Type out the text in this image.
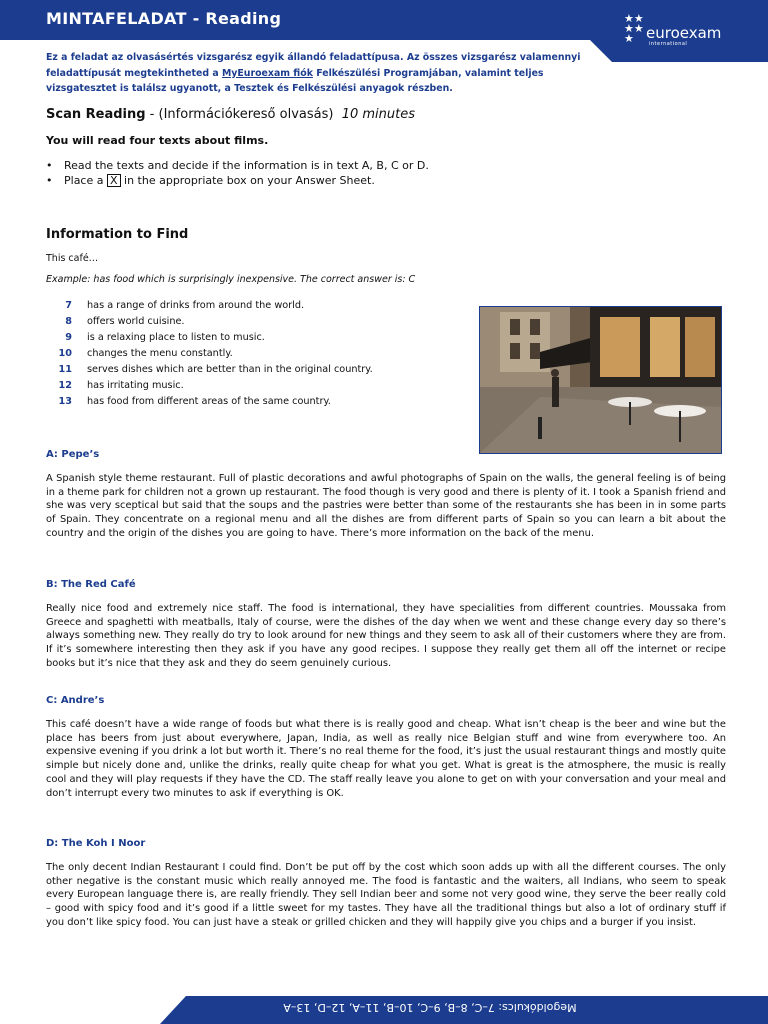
MINTAFELADAT - Reading	★★
★★
★ euroexam
international
Ez a feladat az olvasásértés vizsgarész egyik állandó feladattípusa. Az összes vizsgarész valamennyi feladattípusát megtekintheted a MyEuroexam fiók Felkészülési Programjában, valamint teljes vizsgatesztet is találsz ugyanott, a Tesztek és Felkészülési anyagok részben.
Scan Reading - (Információkereső olvasás) 10 minutes
You will read four texts about films.
• Read the texts and decide if the information is in text A, B, C or D.
• Place a X in the appropriate box on your Answer Sheet.
Information to Find
This café…
Example: has food which is surprisingly inexpensive. The correct answer is: C
7 has a range of drinks from around the world.
8 offers world cuisine.
9 is a relaxing place to listen to music.
10 changes the menu constantly.
11 serves dishes which are better than in the original country.
12 has irritating music.
13 has food from different areas of the same country.
A: Pepe’s
A Spanish style theme restaurant. Full of plastic decorations and awful photographs of Spain on the walls, the general feeling is of being in a theme park for children not a grown up restaurant. The food though is very good and there is plenty of it. I took a Spanish friend and she was very sceptical but said that the soups and the pastries were better than some of the restaurants she has been in in some parts of Spain. They concentrate on a regional menu and all the dishes are from different parts of Spain so you can learn a bit about the country and the origin of the dishes you are going to have. There’s more information on the back of the menu.
B: The Red Café
Really nice food and extremely nice staff. The food is international, they have specialities from different countries. Moussaka from Greece and spaghetti with meatballs, Italy of course, were the dishes of the day when we went and these change every day so there’s always something new. They really do try to look around for new things and they seem to ask all of their customers where they are from. If it’s somewhere interesting then they ask if you have any good recipes. I suppose they really get them all off the internet or recipe books but it’s nice that they ask and they do seem genuinely curious.
C: Andre’s
This café doesn’t have a wide range of foods but what there is is really good and cheap. What isn’t cheap is the beer and wine but the place has beers from just about everywhere, Japan, India, as well as really nice Belgian stuff and wine from everywhere too. An expensive evening if you drink a lot but worth it. There’s no real theme for the food, it’s just the usual restaurant things and mostly quite simple but nicely done and, unlike the drinks, really quite cheap for what you get. What is great is the atmosphere, the music is really cool and they will play requests if they have the CD. The staff really leave you alone to get on with your conversation and your meal and don’t interrupt every two minutes to ask if everything is OK.
D: The Koh I Noor
The only decent Indian Restaurant I could find. Don’t be put off by the cost which soon adds up with all the different courses. The only other negative is the constant music which really annoyed me. The food is fantastic and the waiters, all Indians, who seem to speak every European language there is, are really friendly. They sell Indian beer and some not very good wine, they serve the beer really cold – good with spicy food and it’s good if a little sweet for my tastes. They have all the traditional things but also a lot of ordinary stuff if you don’t like spicy food. You can just have a steak or grilled chicken and they will happily give you chips and a burger if you insist.
Megoldókulcs: 7–C, 8–B, 9–C, 10–B, 11–A, 12–D, 13–A
